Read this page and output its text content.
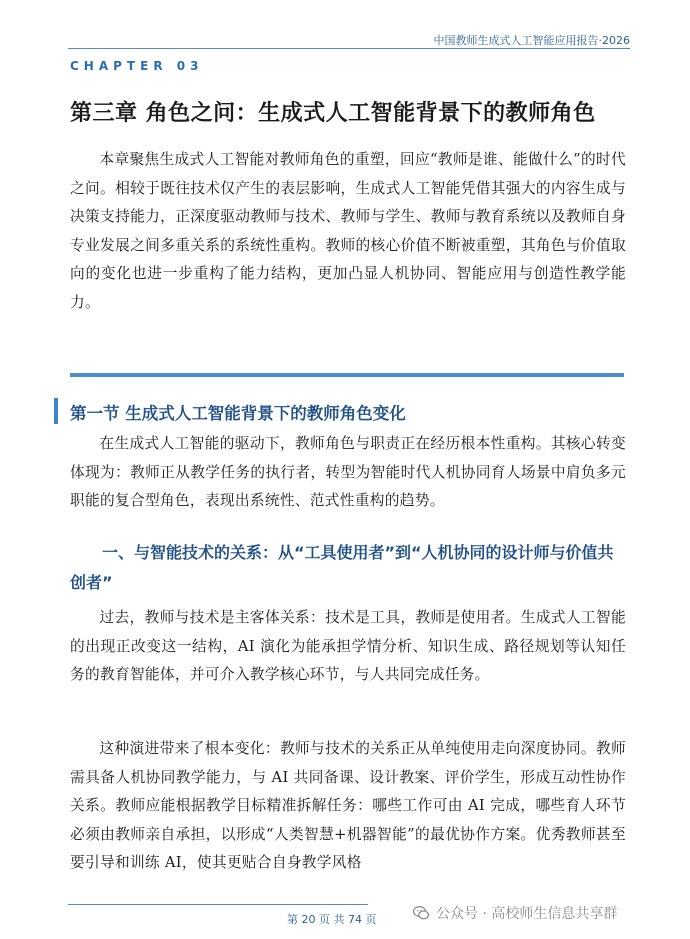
中国教师生成式人工智能应用报告·2026
CHAPTER 03
第三章 角色之问：生成式人工智能背景下的教师角色

本章聚焦生成式人工智能对教师角色的重塑，回应“教师是谁、能做什么”的时代之问。相较于既往技术仅产生的表层影响，生成式人工智能凭借其强大的内容生成与决策支持能力，正深度驱动教师与技术、教师与学生、教师与教育系统以及教师自身专业发展之间多重关系的系统性重构。教师的核心价值不断被重塑，其角色与价值取向的变化也进一步重构了能力结构，更加凸显人机协同、智能应用与创造性教学能力。

第一节 生成式人工智能背景下的教师角色变化

在生成式人工智能的驱动下，教师角色与职责正在经历根本性重构。其核心转变体现为：教师正从教学任务的执行者，转型为智能时代人机协同育人场景中肩负多元职能的复合型角色，表现出系统性、范式性重构的趋势。

一、与智能技术的关系：从“工具使用者”到“人机协同的设计师与价值共创者”

过去，教师与技术是主客体关系：技术是工具，教师是使用者。生成式人工智能的出现正改变这一结构，AI 演化为能承担学情分析、知识生成、路径规划等认知任务的教育智能体，并可介入教学核心环节，与人共同完成任务。

这种演进带来了根本变化：教师与技术的关系正从单纯使用走向深度协同。教师需具备人机协同教学能力，与 AI 共同备课、设计教案、评价学生，形成互动性协作关系。教师应能根据教学目标精准拆解任务：哪些工作可由 AI 完成，哪些育人环节必须由教师亲自承担，以形成“人类智慧+机器智能”的最优协作方案。优秀教师甚至要引导和训练 AI，使其更贴合自身教学风格

第 20 页 共 74 页	公众号 · 高校师生信息共享群
